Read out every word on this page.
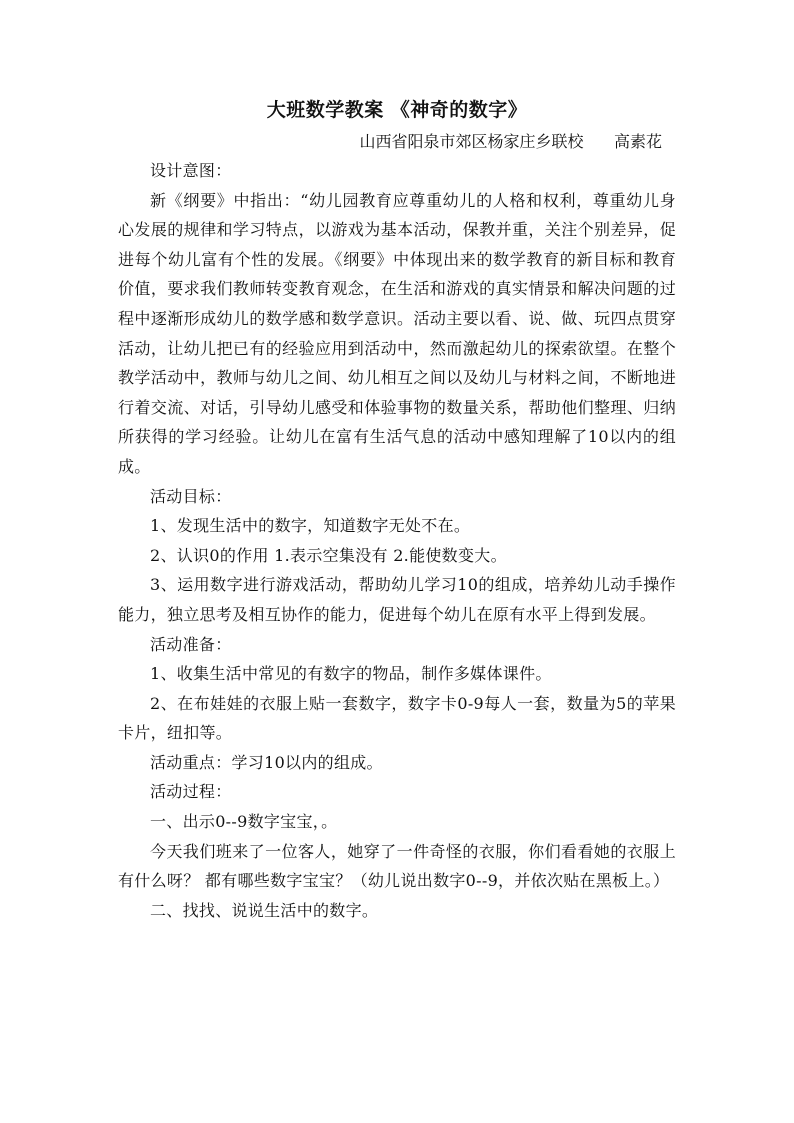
大班数学教案 《神奇的数字》

山西省阳泉市郊区杨家庄乡联校      高素花

设计意图：

新《纲要》中指出：“幼儿园教育应尊重幼儿的人格和权利，尊重幼儿身心发展的规律和学习特点，以游戏为基本活动，保教并重，关注个别差异，促进每个幼儿富有个性的发展。《纲要》中体现出来的数学教育的新目标和教育价值，要求我们教师转变教育观念，在生活和游戏的真实情景和解决问题的过程中逐渐形成幼儿的数学感和数学意识。活动主要以看、说、做、玩四点贯穿活动，让幼儿把已有的经验应用到活动中，然而激起幼儿的探索欲望。在整个教学活动中，教师与幼儿之间、幼儿相互之间以及幼儿与材料之间，不断地进行着交流、对话，引导幼儿感受和体验事物的数量关系，帮助他们整理、归纳所获得的学习经验。让幼儿在富有生活气息的活动中感知理解了10以内的组成。

活动目标：

1、发现生活中的数字，知道数字无处不在。

2、认识0的作用 1.表示空集没有 2.能使数变大。

3、运用数字进行游戏活动，帮助幼儿学习10的组成，培养幼儿动手操作能力，独立思考及相互协作的能力，促进每个幼儿在原有水平上得到发展。

活动准备：

1、收集生活中常见的有数字的物品，制作多媒体课件。

2、在布娃娃的衣服上贴一套数字，数字卡0-9每人一套，数量为5的苹果卡片，纽扣等。

活动重点：学习10以内的组成。

活动过程：

一、出示0--9数字宝宝，。

今天我们班来了一位客人，她穿了一件奇怪的衣服，你们看看她的衣服上有什么呀？ 都有哪些数字宝宝？（幼儿说出数字0--9，并依次贴在黑板上。）

二、找找、说说生活中的数字。
